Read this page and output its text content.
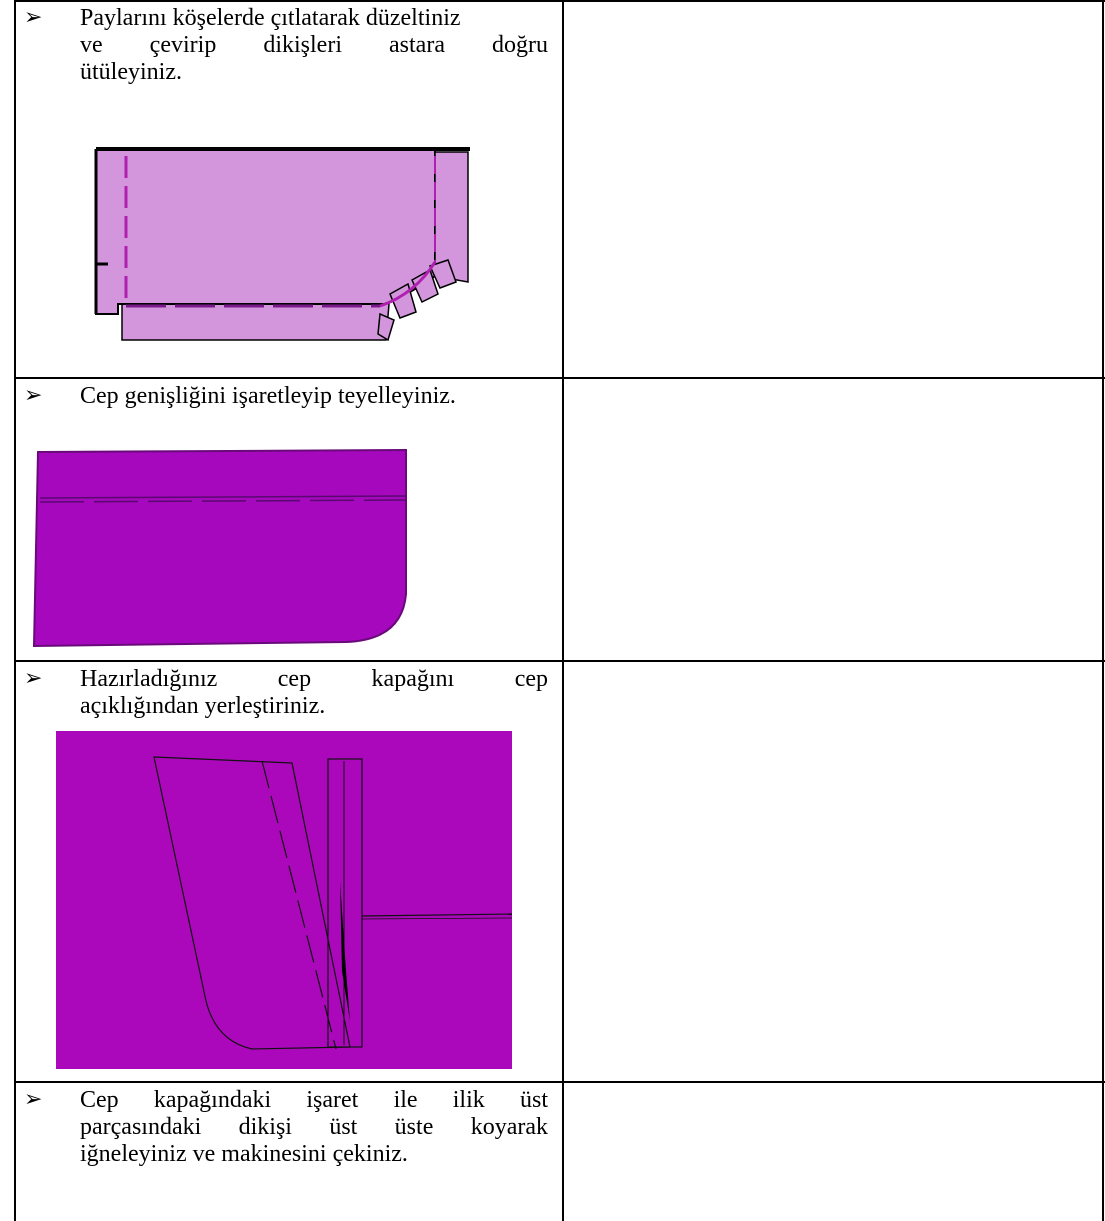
➢ Paylarını köşelerde çıtlatarak düzeltiniz
ve çevirip dikişleri astara doğru
ütüleyiniz.
➢ Cep genişliğini işaretleyip teyelleyiniz.
➢ Hazırladığınız cep kapağını cep
açıklığından yerleştiriniz.
➢ Cep kapağındaki işaret ile ilik üst
parçasındaki dikişi üst üste koyarak
iğneleyiniz ve makinesini çekiniz.
